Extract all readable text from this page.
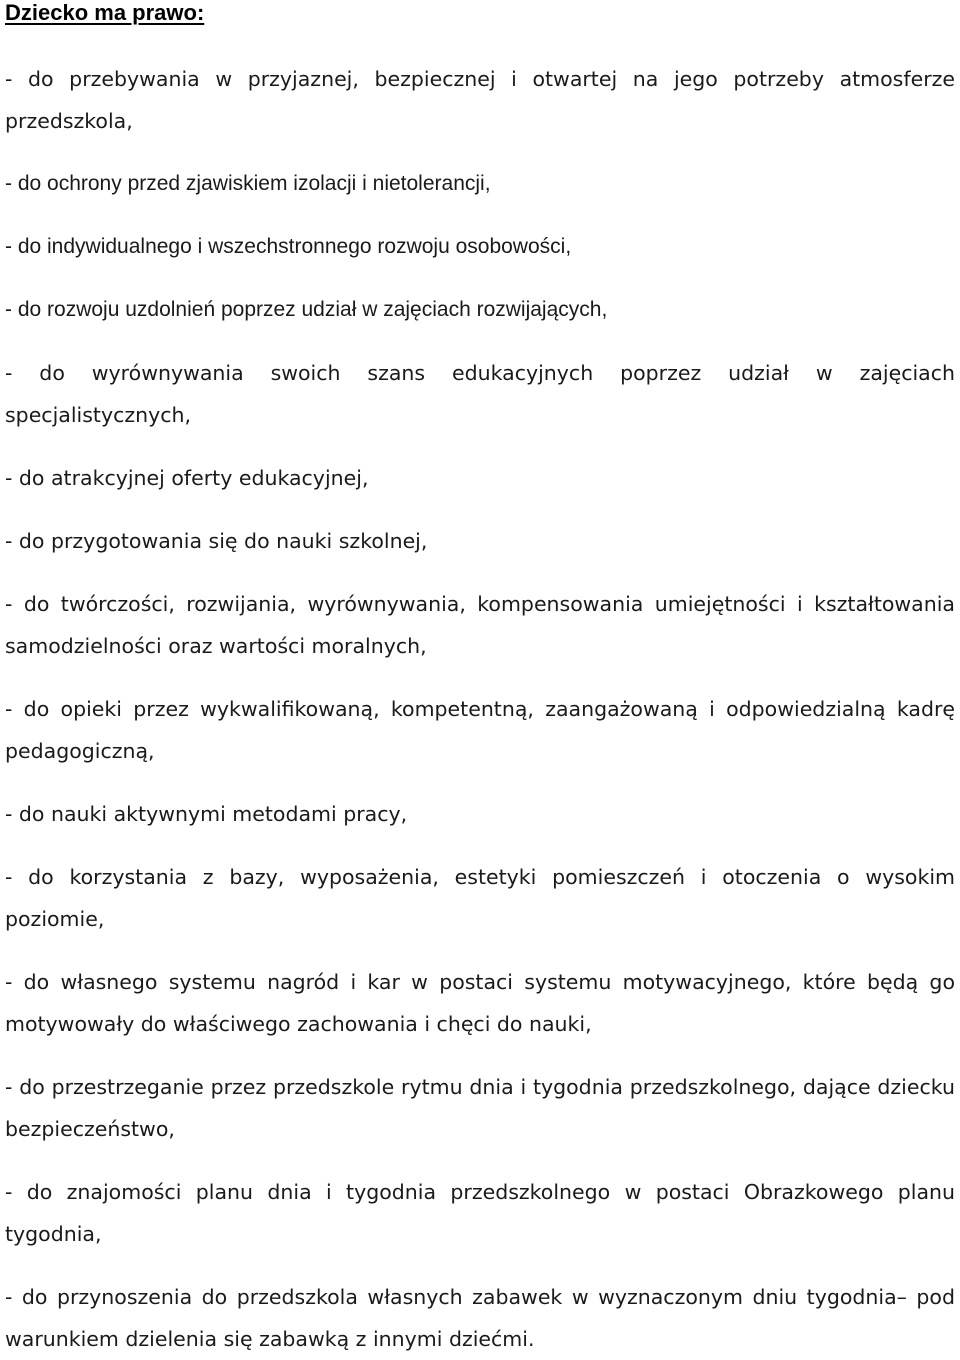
Dziecko ma prawo:

- do przebywania w przyjaznej, bezpiecznej i otwartej na jego potrzeby atmosferze przedszkola,

- do ochrony przed zjawiskiem izolacji i nietolerancji,

- do indywidualnego i wszechstronnego rozwoju osobowości,

- do rozwoju uzdolnień poprzez udział w zajęciach rozwijających,

- do wyrównywania swoich szans edukacyjnych poprzez udział w zajęciach specjalistycznych,

- do atrakcyjnej oferty edukacyjnej,

- do przygotowania się do nauki szkolnej,

- do twórczości, rozwijania, wyrównywania, kompensowania umiejętności i kształtowania samodzielności oraz wartości moralnych,

- do opieki przez wykwalifikowaną, kompetentną, zaangażowaną i odpowiedzialną kadrę pedagogiczną,

- do nauki aktywnymi metodami pracy,

- do korzystania z bazy, wyposażenia, estetyki pomieszczeń i otoczenia o wysokim poziomie,

- do własnego systemu nagród i kar w postaci systemu motywacyjnego, które będą go motywowały do właściwego zachowania i chęci do nauki,

- do przestrzeganie przez przedszkole rytmu dnia i tygodnia przedszkolnego, dające dziecku bezpieczeństwo,

- do znajomości planu dnia i tygodnia przedszkolnego w postaci Obrazkowego planu tygodnia,

- do przynoszenia do przedszkola własnych zabawek w wyznaczonym dniu tygodnia– pod warunkiem dzielenia się zabawką z innymi dziećmi.
